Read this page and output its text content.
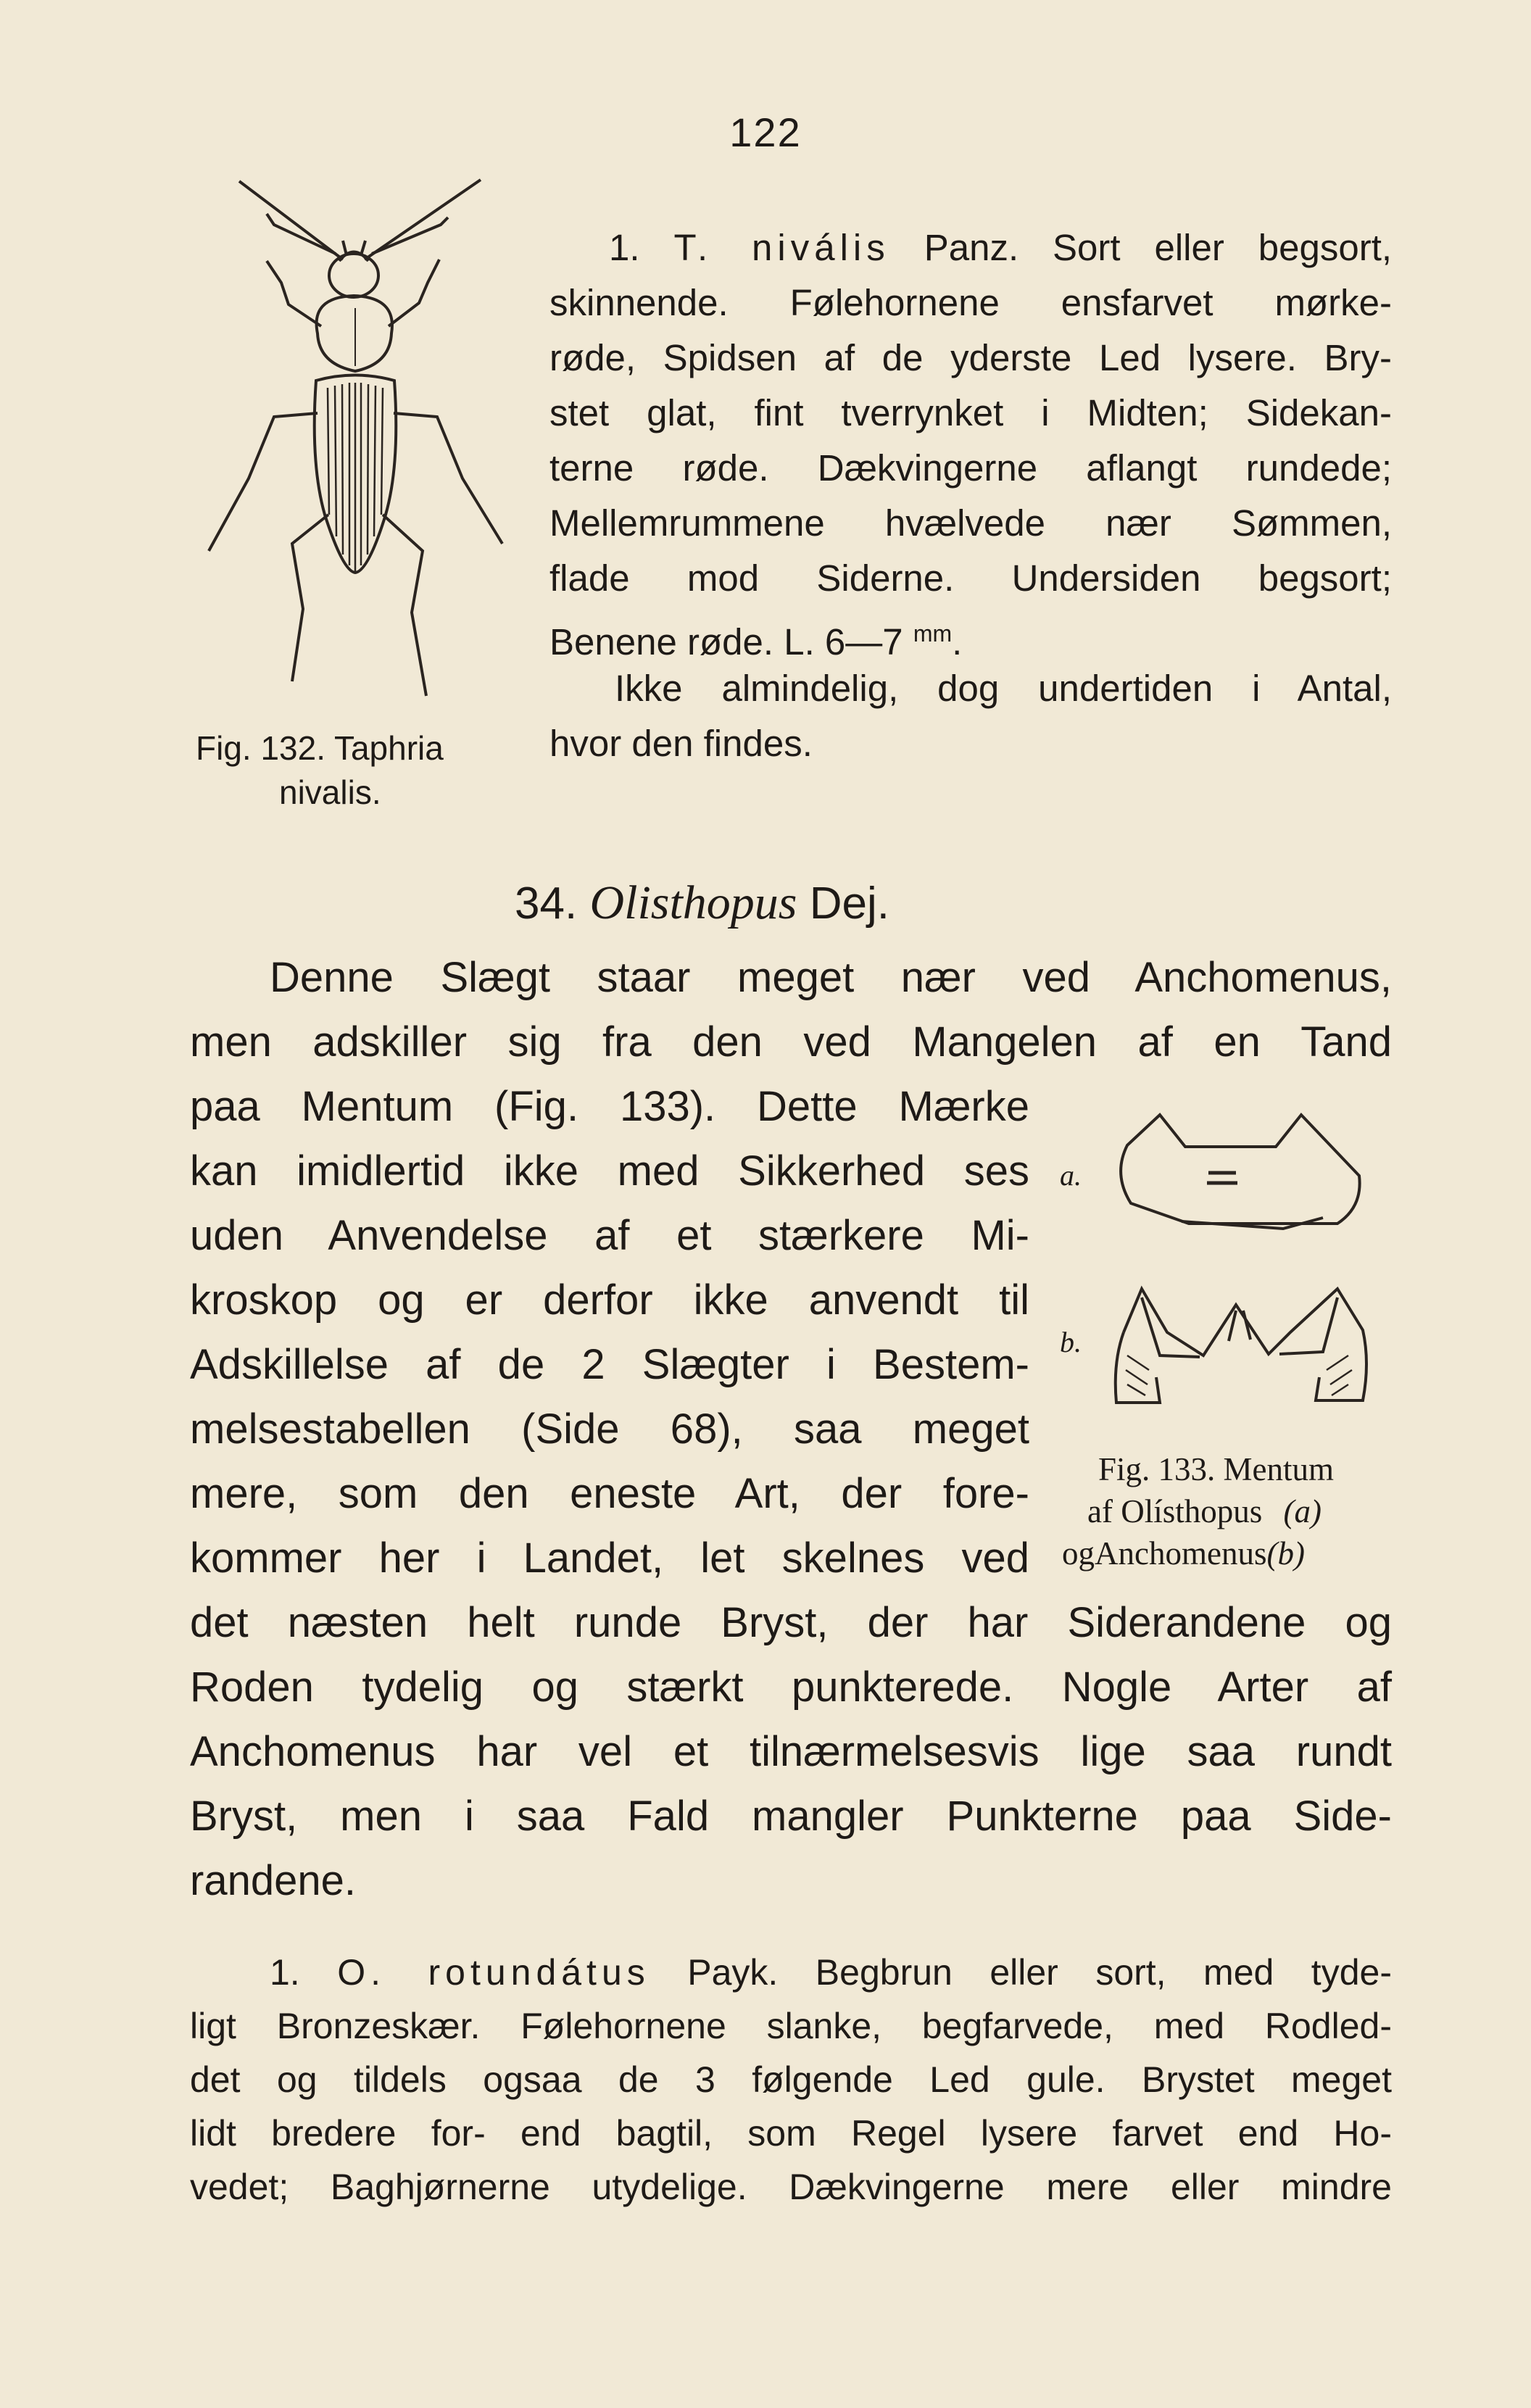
122
Fig. 132. Taphria
nivalis.
1. T. nivális Panz. Sort eller begsort,
skinnende. Følehornene ensfarvet mørke-
røde, Spidsen af de yderste Led lysere. Bry-
stet glat, fint tverrynket i Midten; Sidekan-
terne røde. Dækvingerne aflangt rundede;
Mellemrummene hvælvede nær Sømmen,
flade mod Siderne. Undersiden begsort;
Benene røde. L. 6—7 $^{mm}$.
Ikke almindelig, dog undertiden i Antal,
hvor den findes.
34. Olisthopus Dej.
Denne Slægt staar meget nær ved Anchomenus,
men adskiller sig fra den ved Mangelen af en Tand
paa Mentum (Fig. 133). Dette Mærke
kan imidlertid ikke med Sikkerhed ses
uden Anvendelse af et stærkere Mi-
kroskop og er derfor ikke anvendt til
Adskillelse af de 2 Slægter i Bestem-
melsestabellen (Side 68), saa meget
mere, som den eneste Art, der fore-
kommer her i Landet, let skelnes ved
det næsten helt runde Bryst, der har Siderandene og
Roden tydelig og stærkt punkterede. Nogle Arter af
Anchomenus har vel et tilnærmelsesvis lige saa rundt
Bryst, men i saa Fald mangler Punkterne paa Side-
randene.
a.
b.
Fig. 133. Mentum
af Olísthopus (a)
ogAnchomenus(b)
1. O. rotundátus Payk. Begbrun eller sort, med tyde-
ligt Bronzeskær. Følehornene slanke, begfarvede, med Rodled-
det og tildels ogsaa de 3 følgende Led gule. Brystet meget
lidt bredere for- end bagtil, som Regel lysere farvet end Ho-
vedet; Baghjørnerne utydelige. Dækvingerne mere eller mindre
